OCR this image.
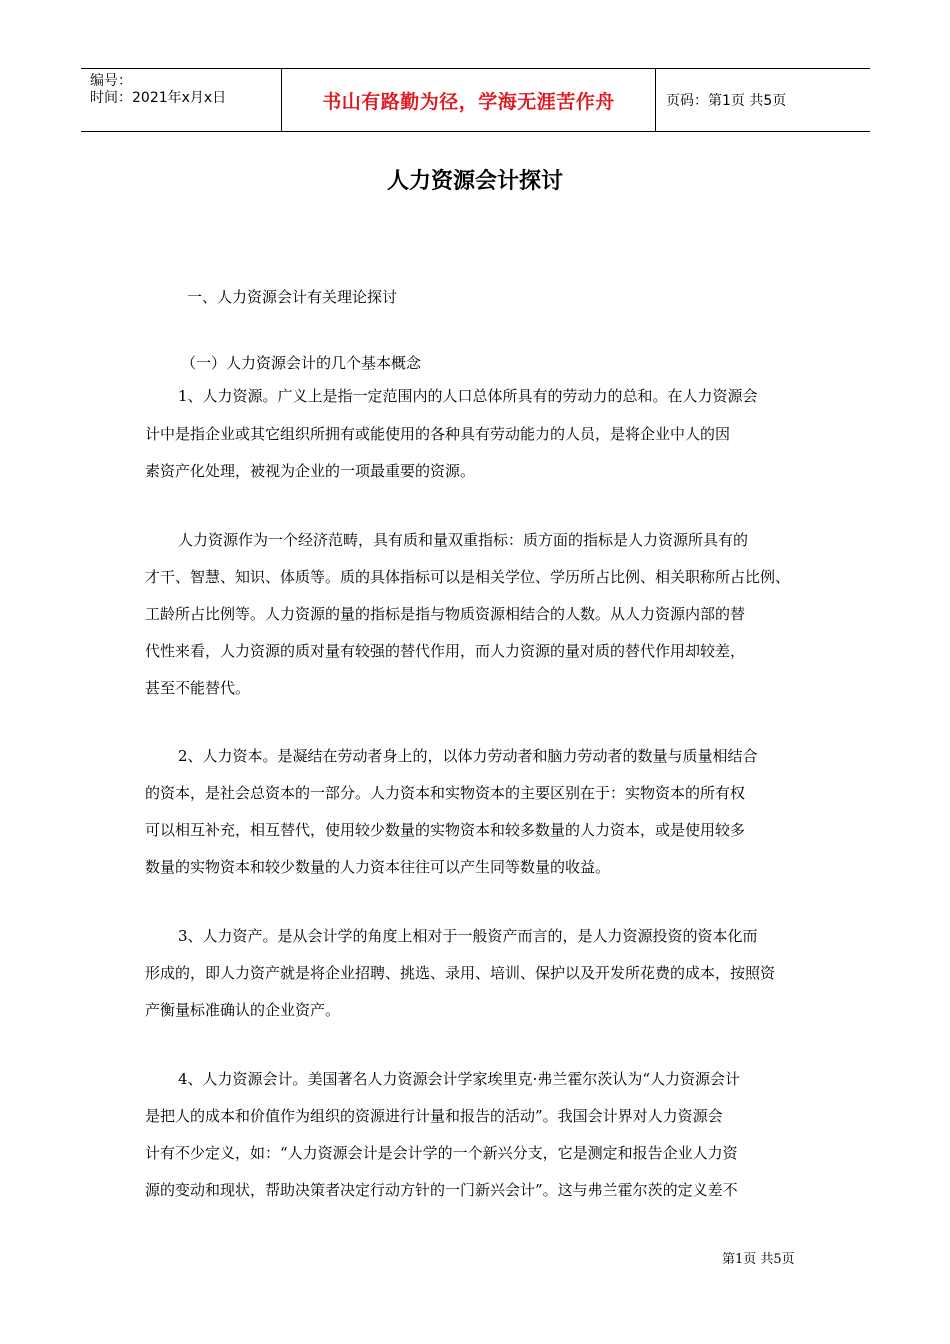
编号：
时间：2021年x月x日	书山有路勤为径，学海无涯苦作舟	页码：第1页 共5页
人力资源会计探讨
一、人力资源会计有关理论探讨
（一）人力资源会计的几个基本概念
1、人力资源。广义上是指一定范围内的人口总体所具有的劳动力的总和。在人力资源会
计中是指企业或其它组织所拥有或能使用的各种具有劳动能力的人员，是将企业中人的因
素资产化处理，被视为企业的一项最重要的资源。
人力资源作为一个经济范畴，具有质和量双重指标：质方面的指标是人力资源所具有的
才干、智慧、知识、体质等。质的具体指标可以是相关学位、学历所占比例、相关职称所占比例、
工龄所占比例等。人力资源的量的指标是指与物质资源相结合的人数。从人力资源内部的替
代性来看，人力资源的质对量有较强的替代作用，而人力资源的量对质的替代作用却较差，
甚至不能替代。
2、人力资本。是凝结在劳动者身上的，以体力劳动者和脑力劳动者的数量与质量相结合
的资本，是社会总资本的一部分。人力资本和实物资本的主要区别在于：实物资本的所有权
可以相互补充，相互替代，使用较少数量的实物资本和较多数量的人力资本，或是使用较多
数量的实物资本和较少数量的人力资本往往可以产生同等数量的收益。
3、人力资产。是从会计学的角度上相对于一般资产而言的，是人力资源投资的资本化而
形成的，即人力资产就是将企业招聘、挑选、录用、培训、保护以及开发所花费的成本，按照资
产衡量标准确认的企业资产。
4、人力资源会计。美国著名人力资源会计学家埃里克·弗兰霍尔茨认为“人力资源会计
是把人的成本和价值作为组织的资源进行计量和报告的活动”。我国会计界对人力资源会
计有不少定义，如：“人力资源会计是会计学的一个新兴分支，它是测定和报告企业人力资
源的变动和现状，帮助决策者决定行动方针的一门新兴会计”。这与弗兰霍尔茨的定义差不
第1页 共5页
